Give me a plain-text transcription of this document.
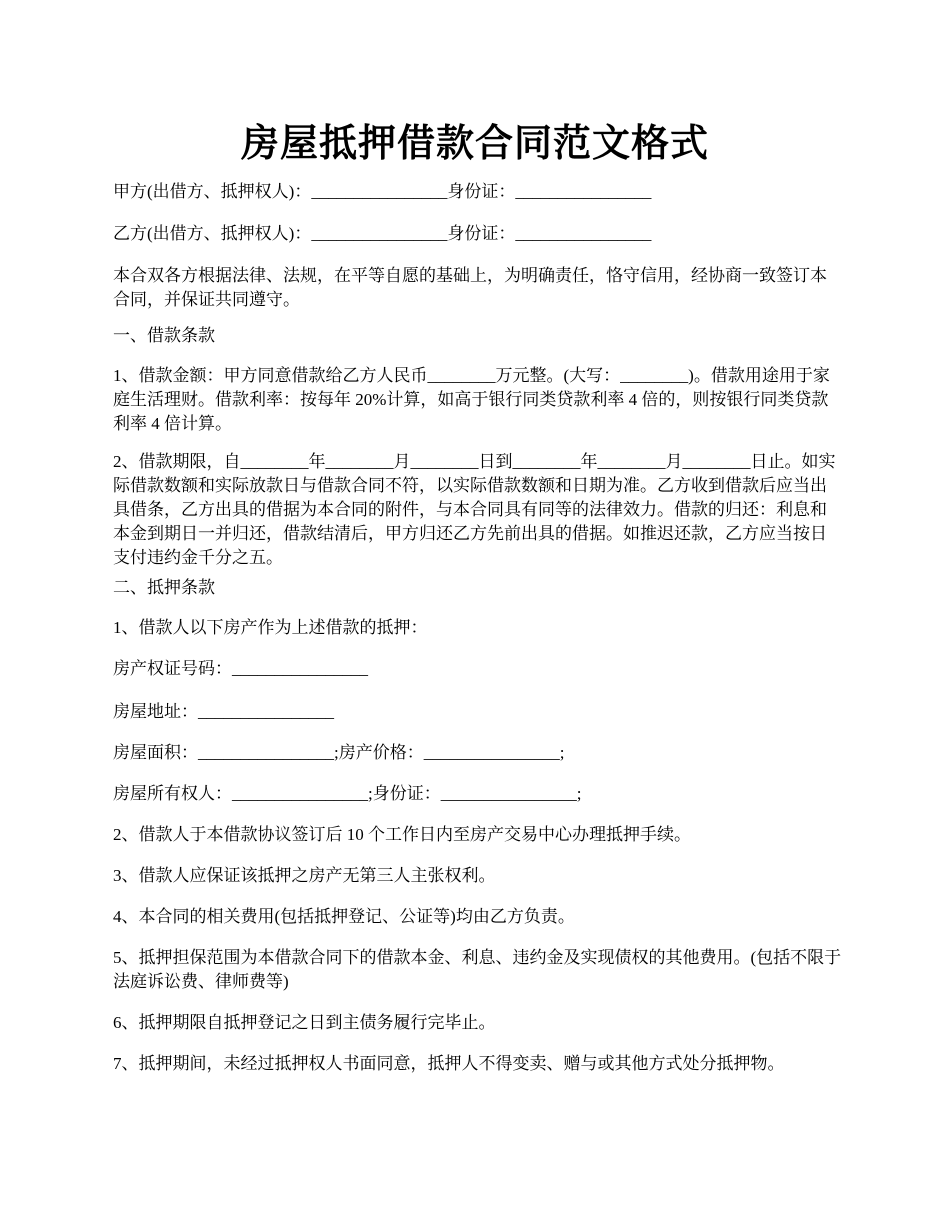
房屋抵押借款合同范文格式

甲方(出借方、抵押权人)：________________身份证：________________

乙方(出借方、抵押权人)：________________身份证：________________

本合双各方根据法律、法规，在平等自愿的基础上，为明确责任，恪守信用，经协商一致签订本合同，并保证共同遵守。

一、借款条款

1、借款金额：甲方同意借款给乙方人民币________万元整。(大写：________)。借款用途用于家庭生活理财。借款利率：按每年 20%计算，如高于银行同类贷款利率 4 倍的，则按银行同类贷款利率 4 倍计算。

2、借款期限，自________年________月________日到________年________月________日止。如实际借款数额和实际放款日与借款合同不符，以实际借款数额和日期为准。乙方收到借款后应当出具借条，乙方出具的借据为本合同的附件，与本合同具有同等的法律效力。借款的归还：利息和本金到期日一并归还，借款结清后，甲方归还乙方先前出具的借据。如推迟还款，乙方应当按日支付违约金千分之五。

二、抵押条款

1、借款人以下房产作为上述借款的抵押：

房产权证号码：________________

房屋地址：________________

房屋面积：________________;房产价格：________________;

房屋所有权人：________________;身份证：________________;

2、借款人于本借款协议签订后 10 个工作日内至房产交易中心办理抵押手续。

3、借款人应保证该抵押之房产无第三人主张权利。

4、本合同的相关费用(包括抵押登记、公证等)均由乙方负责。

5、抵押担保范围为本借款合同下的借款本金、利息、违约金及实现债权的其他费用。(包括不限于法庭诉讼费、律师费等)

6、抵押期限自抵押登记之日到主债务履行完毕止。

7、抵押期间，未经过抵押权人书面同意，抵押人不得变卖、赠与或其他方式处分抵押物。
